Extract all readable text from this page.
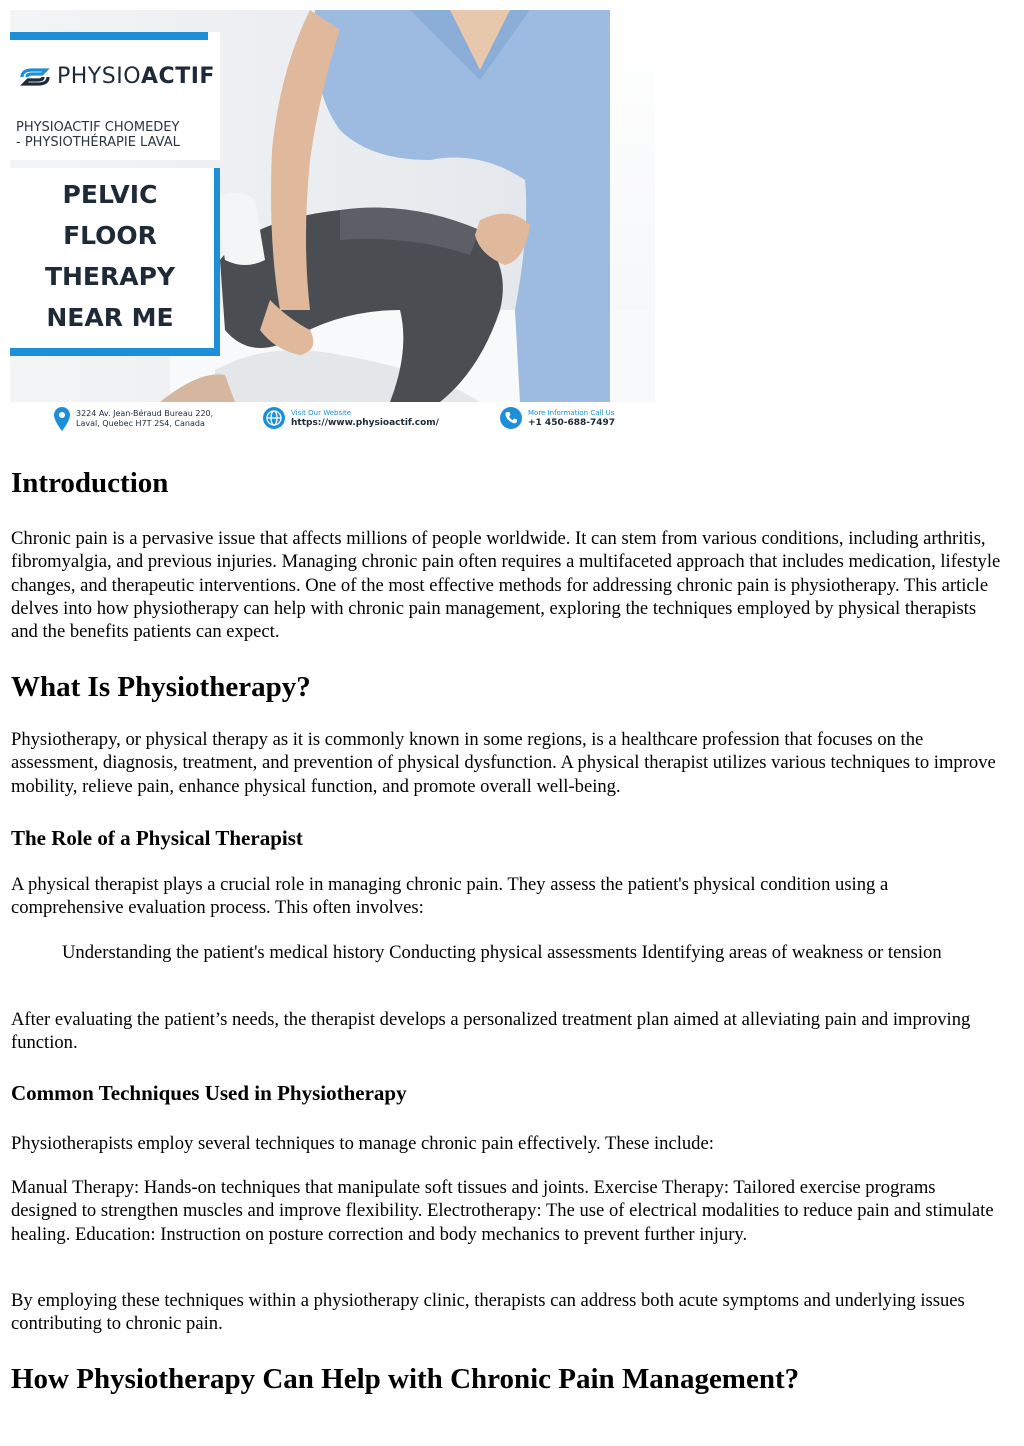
PHYSIOACTIF
PHYSIOACTIF CHOMEDEY
- PHYSIOTHÉRAPIE LAVAL
PELVIC
FLOOR
THERAPY
NEAR ME
3224 Av. Jean-Béraud Bureau 220,
Laval, Quebec H7T 2S4, Canada
Visit Our Website
https://www.physioactif.com/
More Information Call Us
+1 450-688-7497
Introduction

Chronic pain is a pervasive issue that affects millions of people worldwide. It can stem from various conditions, including arthritis, fibromyalgia, and previous injuries. Managing chronic pain often requires a multifaceted approach that includes medication, lifestyle changes, and therapeutic interventions. One of the most effective methods for addressing chronic pain is physiotherapy. This article delves into how physiotherapy can help with chronic pain management, exploring the techniques employed by physical therapists and the benefits patients can expect.

What Is Physiotherapy?

Physiotherapy, or physical therapy as it is commonly known in some regions, is a healthcare profession that focuses on the assessment, diagnosis, treatment, and prevention of physical dysfunction. A physical therapist utilizes various techniques to improve mobility, relieve pain, enhance physical function, and promote overall well-being.

The Role of a Physical Therapist

A physical therapist plays a crucial role in managing chronic pain. They assess the patient's physical condition using a comprehensive evaluation process. This often involves:

Understanding the patient's medical history Conducting physical assessments Identifying areas of weakness or tension

After evaluating the patient’s needs, the therapist develops a personalized treatment plan aimed at alleviating pain and improving function.

Common Techniques Used in Physiotherapy

Physiotherapists employ several techniques to manage chronic pain effectively. These include:

Manual Therapy: Hands-on techniques that manipulate soft tissues and joints. Exercise Therapy: Tailored exercise programs designed to strengthen muscles and improve flexibility. Electrotherapy: The use of electrical modalities to reduce pain and stimulate healing. Education: Instruction on posture correction and body mechanics to prevent further injury.

By employing these techniques within a physiotherapy clinic, therapists can address both acute symptoms and underlying issues contributing to chronic pain.

How Physiotherapy Can Help with Chronic Pain Management?
